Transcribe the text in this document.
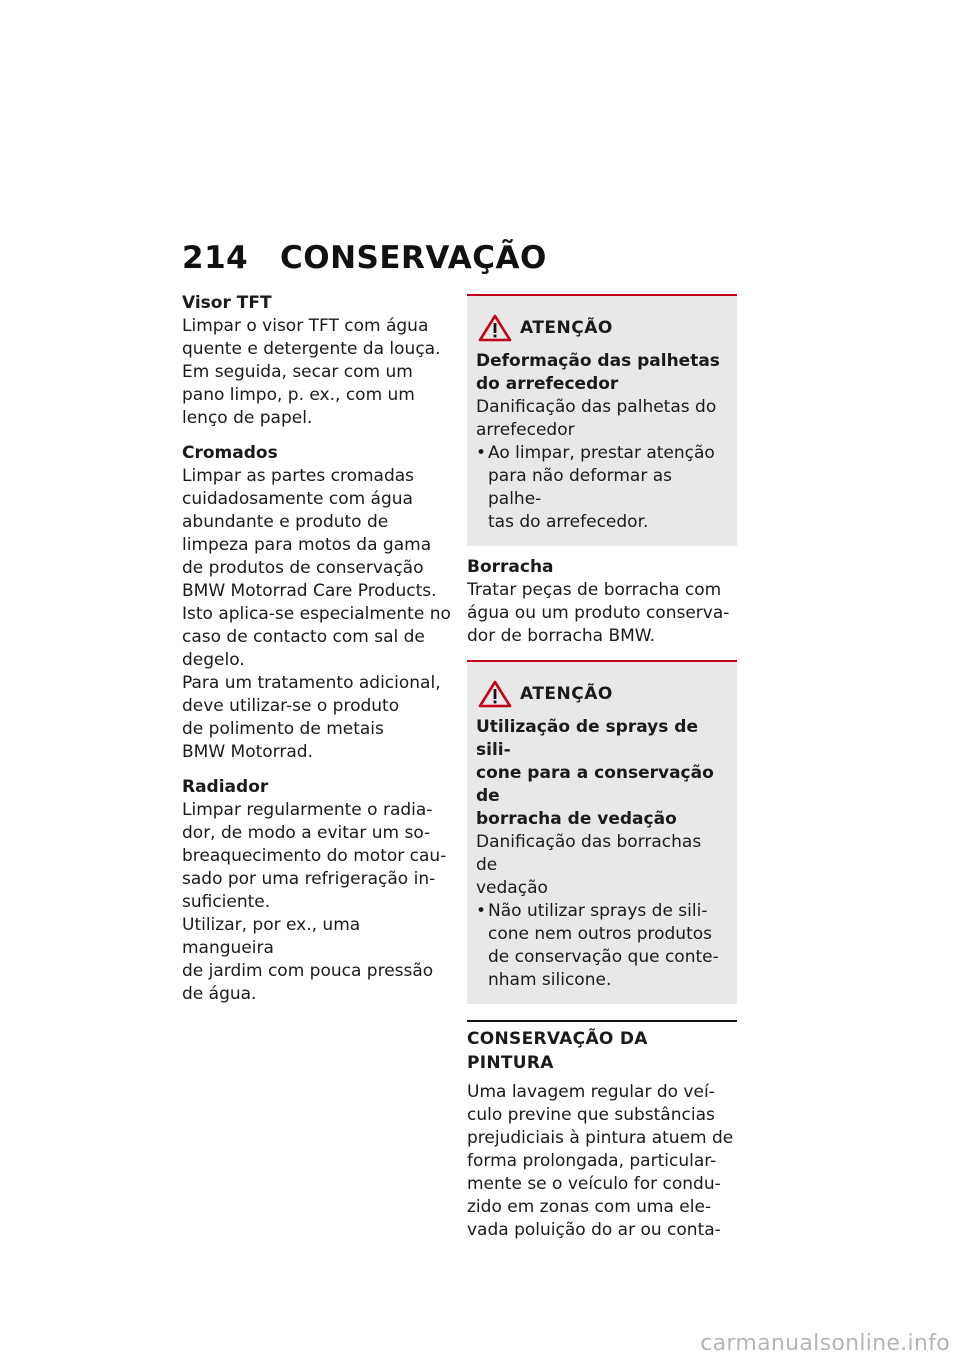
214 CONSERVAÇÃO

Visor TFT

Limpar o visor TFT com água
quente e detergente da louça.
Em seguida, secar com um
pano limpo, p. ex., com um
lenço de papel.

Cromados

Limpar as partes cromadas
cuidadosamente com água
abundante e produto de
limpeza para motos da gama
de produtos de conservação
BMW Motorrad Care Products.
Isto aplica-se especialmente no
caso de contacto com sal de
degelo.
Para um tratamento adicional,
deve utilizar-se o produto
de polimento de metais
BMW Motorrad.

Radiador

Limpar regularmente o radia-
dor, de modo a evitar um so-
breaquecimento do motor cau-
sado por uma refrigeração in-
suficiente.
Utilizar, por ex., uma mangueira
de jardim com pouca pressão
de água.

ATENÇÃO

Deformação das palhetas
do arrefecedor

Danificação das palhetas do
arrefecedor

• Ao limpar, prestar atenção
para não deformar as palhe-
tas do arrefecedor.

Borracha

Tratar peças de borracha com
água ou um produto conserva-
dor de borracha BMW.

ATENÇÃO

Utilização de sprays de sili-
cone para a conservação de
borracha de vedação

Danificação das borrachas de
vedação

• Não utilizar sprays de sili-
cone nem outros produtos
de conservação que conte-
nham silicone.
CONSERVAÇÃO DA PINTURA

Uma lavagem regular do veí-
culo previne que substâncias
prejudiciais à pintura atuem de
forma prolongada, particular-
mente se o veículo for condu-
zido em zonas com uma ele-
vada poluição do ar ou conta-

carmanualsonline.info
